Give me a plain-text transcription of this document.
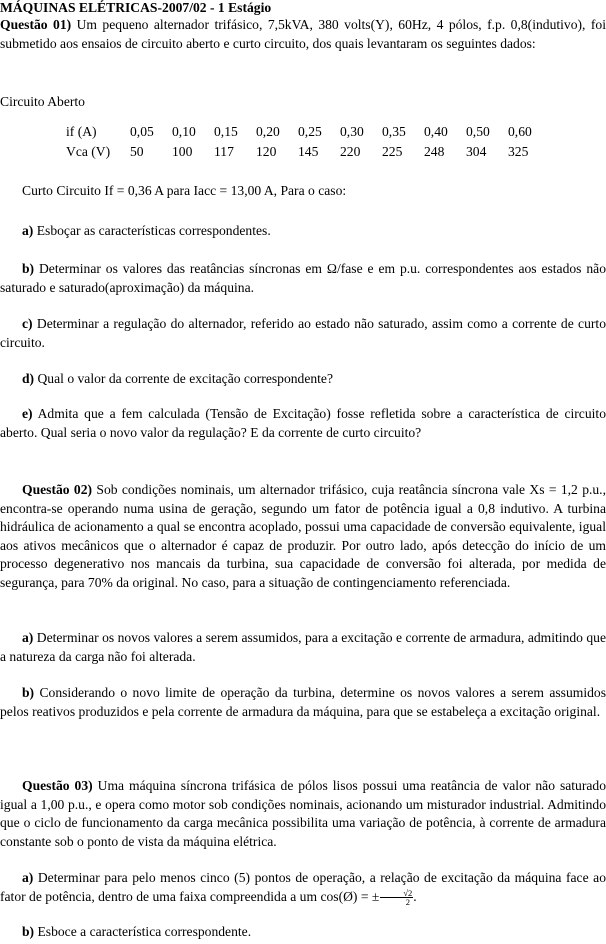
MÁQUINAS ELÉTRICAS-2007/02 - 1 Estágio
Questão 01) Um pequeno alternador trifásico, 7,5kVA, 380 volts(Y), 60Hz, 4 pólos, f.p. 0,8(indutivo), foi submetido aos ensaios de circuito aberto e curto circuito, dos quais levantaram os seguintes dados:
Circuito Aberto
if (A)	0,05	0,10	0,15	0,20	0,25	0,30	0,35	0,40	0,50	0,60
Vca (V)	50	100	117	120	145	220	225	248	304	325
Curto Circuito If = 0,36 A para Iacc = 13,00 A, Para o caso:
a) Esboçar as características correspondentes.
b) Determinar os valores das reatâncias síncronas em Ω/fase e em p.u. correspondentes aos estados não saturado e saturado(aproximação) da máquina.
c) Determinar a regulação do alternador, referido ao estado não saturado, assim como a corrente de curto circuito.
d) Qual o valor da corrente de excitação correspondente?
e) Admita que a fem calculada (Tensão de Excitação) fosse refletida sobre a característica de circuito aberto. Qual seria o novo valor da regulação? E da corrente de curto circuito?
Questão 02) Sob condições nominais, um alternador trifásico, cuja reatância síncrona vale Xs = 1,2 p.u., encontra-se operando numa usina de geração, segundo um fator de potência igual a 0,8 indutivo. A turbina hidráulica de acionamento a qual se encontra acoplado, possui uma capacidade de conversão equivalente, igual aos ativos mecânicos que o alternador é capaz de produzir. Por outro lado, após detecção do início de um processo degenerativo nos mancais da turbina, sua capacidade de conversão foi alterada, por medida de segurança, para 70% da original. No caso, para a situação de contingenciamento referenciada.
a) Determinar os novos valores a serem assumidos, para a excitação e corrente de armadura, admitindo que a natureza da carga não foi alterada.
b) Considerando o novo limite de operação da turbina, determine os novos valores a serem assumidos pelos reativos produzidos e pela corrente de armadura da máquina, para que se estabeleça a excitação original.
Questão 03) Uma máquina síncrona trifásica de pólos lisos possui uma reatância de valor não saturado igual a 1,00 p.u., e opera como motor sob condições nominais, acionando um misturador industrial. Admitindo que o ciclo de funcionamento da carga mecânica possibilita uma variação de potência, à corrente de armadura constante sob o ponto de vista da máquina elétrica.
a) Determinar para pelo menos cinco (5) pontos de operação, a relação de excitação da máquina face ao fator de potência, dentro de uma faixa compreendida a um cos(Ø) = ± $\frac{√2}{2}$ .
b) Esboce a característica correspondente.
